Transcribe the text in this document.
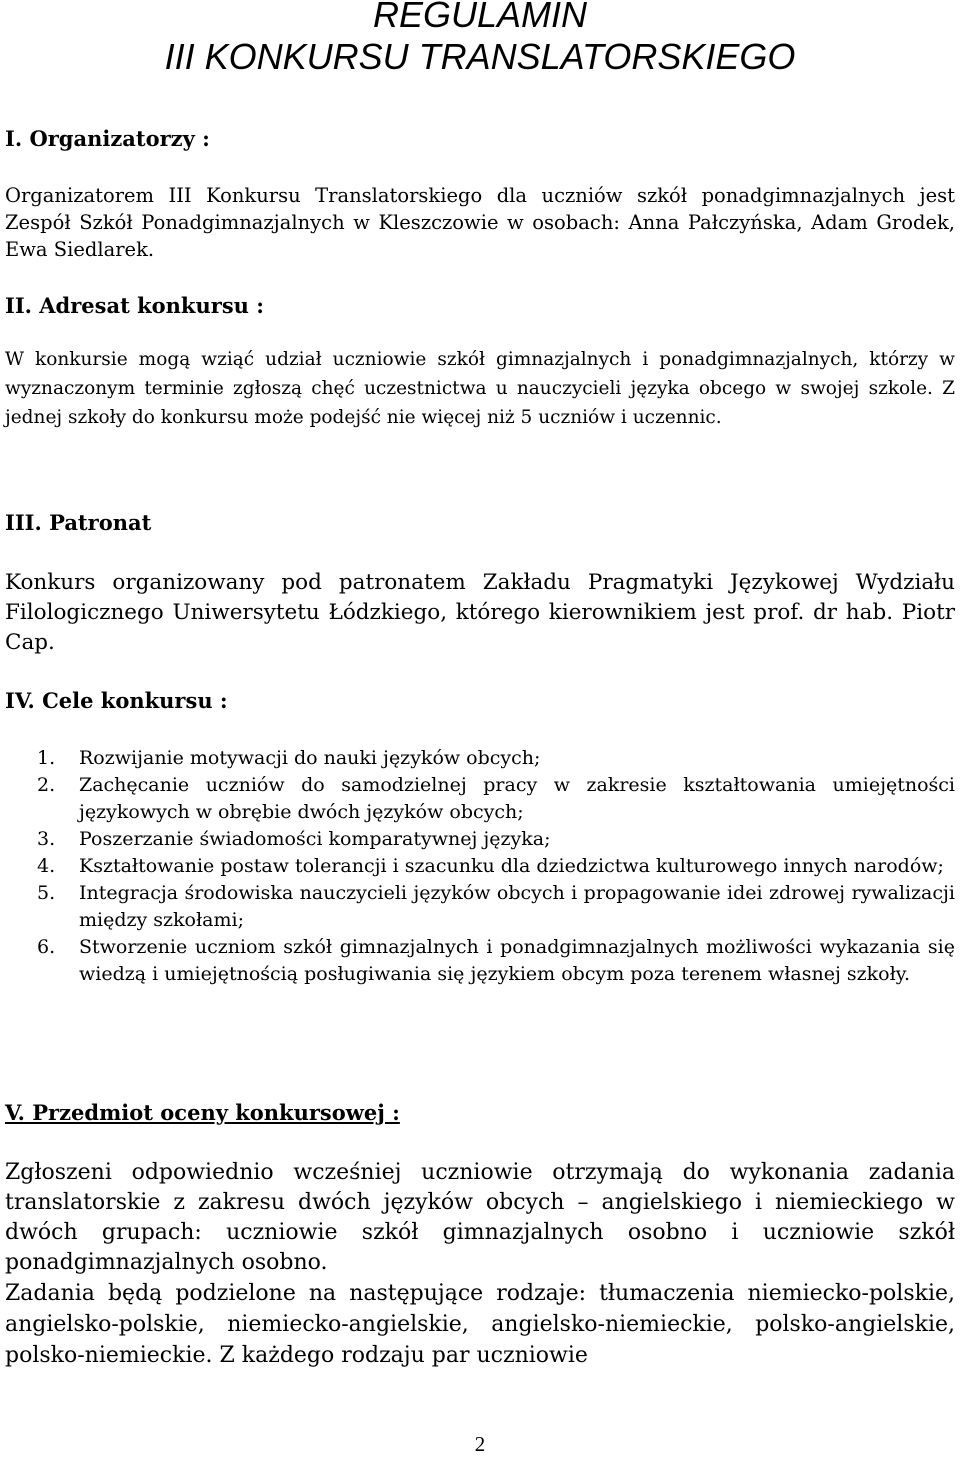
REGULAMIN
III KONKURSU TRANSLATORSKIEGO
I. Organizatorzy :

Organizatorem III Konkursu Translatorskiego dla uczniów szkół ponadgimnazjalnych jest Zespół Szkół Ponadgimnazjalnych w Kleszczowie w osobach: Anna Pałczyńska, Adam Grodek, Ewa Siedlarek.

II. Adresat konkursu :

W konkursie mogą wziąć udział uczniowie szkół gimnazjalnych i ponadgimnazjalnych, którzy w wyznaczonym terminie zgłoszą chęć uczestnictwa u nauczycieli języka obcego w swojej szkole. Z jednej szkoły do konkursu może podejść nie więcej niż 5 uczniów i uczennic.

III. Patronat

Konkurs organizowany pod patronatem Zakładu Pragmatyki Językowej Wydziału Filologicznego Uniwersytetu Łódzkiego, którego kierownikiem jest prof. dr hab. Piotr Cap.

IV. Cele konkursu :
1. Rozwijanie motywacji do nauki języków obcych;
2. Zachęcanie uczniów do samodzielnej pracy w zakresie kształtowania umiejętności językowych w obrębie dwóch języków obcych;
3. Poszerzanie świadomości komparatywnej języka;
4. Kształtowanie postaw tolerancji i szacunku dla dziedzictwa kulturowego innych narodów;
5. Integracja środowiska nauczycieli języków obcych i propagowanie idei zdrowej rywalizacji między szkołami;
6. Stworzenie uczniom szkół gimnazjalnych i ponadgimnazjalnych możliwości wykazania się wiedzą i umiejętnością posługiwania się językiem obcym poza terenem własnej szkoły.
V. Przedmiot oceny konkursowej :

Zgłoszeni odpowiednio wcześniej uczniowie otrzymają do wykonania zadania translatorskie z zakresu dwóch języków obcych – angielskiego i niemieckiego w dwóch grupach: uczniowie szkół gimnazjalnych osobno i uczniowie szkół ponadgimnazjalnych osobno.

Zadania będą podzielone na następujące rodzaje: tłumaczenia niemiecko-polskie, angielsko-polskie, niemiecko-angielskie, angielsko-niemieckie, polsko-angielskie, polsko-niemieckie. Z każdego rodzaju par uczniowie

2
